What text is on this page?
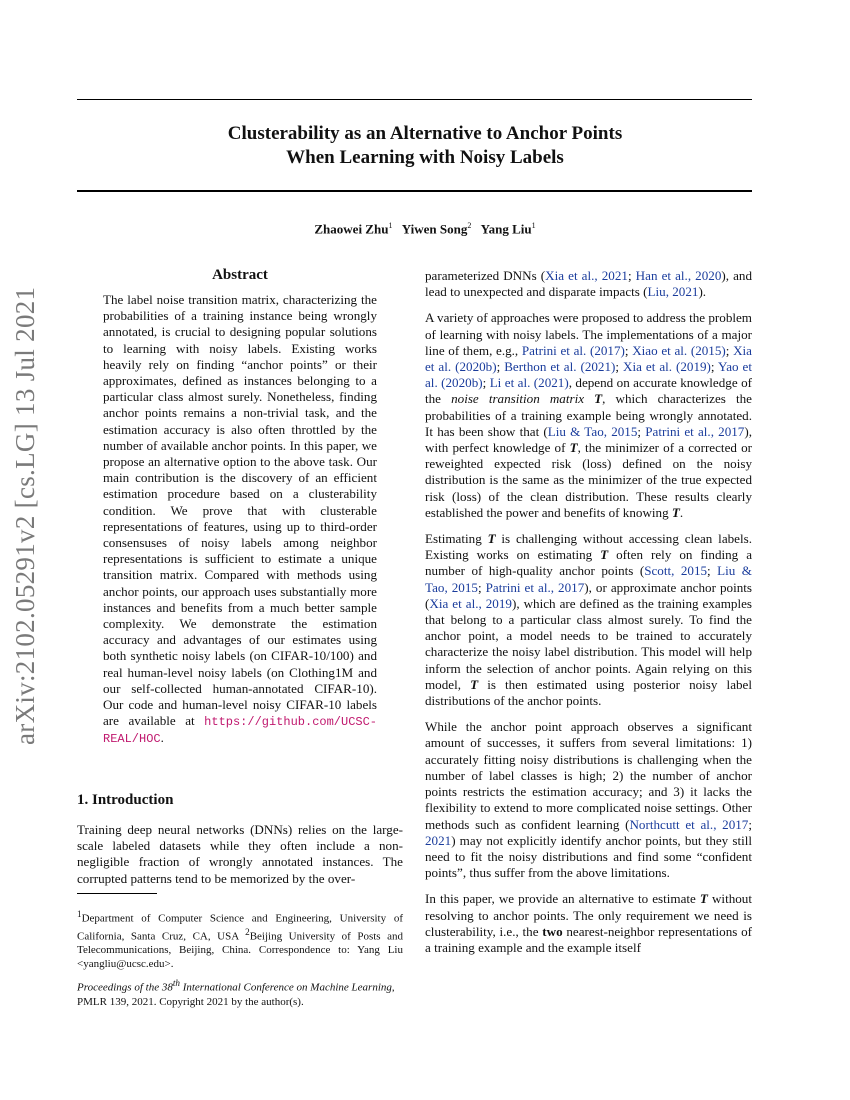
Clusterability as an Alternative to Anchor Points
When Learning with Noisy Labels
Zhaowei Zhu$^1$ Yiwen Song$^2$ Yang Liu$^1$
arXiv:2102.05291v2 [cs.LG] 13 Jul 2021
Abstract

The label noise transition matrix, characterizing the probabilities of a training instance being wrongly annotated, is crucial to designing popular solutions to learning with noisy labels. Existing works heavily rely on finding “anchor points” or their approximates, defined as instances belonging to a particular class almost surely. Nonetheless, finding anchor points remains a non-trivial task, and the estimation accuracy is also often throttled by the number of available anchor points. In this paper, we propose an alternative option to the above task. Our main contribution is the discovery of an efficient estimation procedure based on a clusterability condition. We prove that with clusterable representations of features, using up to third-order consensuses of noisy labels among neighbor representations is sufficient to estimate a unique transition matrix. Compared with methods using anchor points, our approach uses substantially more instances and benefits from a much better sample complexity. We demonstrate the estimation accuracy and advantages of our estimates using both synthetic noisy labels (on CIFAR-10/100) and real human-level noisy labels (on Clothing1M and our self-collected human-annotated CIFAR-10). Our code and human-level noisy CIFAR-10 labels are available at https://github.com/UCSC-REAL/HOC.

1. Introduction

Training deep neural networks (DNNs) relies on the large-scale labeled datasets while they often include a non-negligible fraction of wrongly annotated instances. The corrupted patterns tend to be memorized by the over-

$^1$Department of Computer Science and Engineering, University of California, Santa Cruz, CA, USA $^2$Beijing University of Posts and Telecommunications, Beijing, China. Correspondence to: Yang Liu <yangliu@ucsc.edu>.

Proceedings of the 38th International Conference on Machine Learning, PMLR 139, 2021. Copyright 2021 by the author(s).

parameterized DNNs (Xia et al., 2021; Han et al., 2020), and lead to unexpected and disparate impacts (Liu, 2021).

A variety of approaches were proposed to address the problem of learning with noisy labels. The implementations of a major line of them, e.g., Patrini et al. (2017); Xiao et al. (2015); Xia et al. (2020b); Berthon et al. (2021); Xia et al. (2019); Yao et al. (2020b); Li et al. (2021), depend on accurate knowledge of the noise transition matrix T, which characterizes the probabilities of a training example being wrongly annotated. It has been show that (Liu & Tao, 2015; Patrini et al., 2017), with perfect knowledge of T, the minimizer of a corrected or reweighted expected risk (loss) defined on the noisy distribution is the same as the minimizer of the true expected risk (loss) of the clean distribution. These results clearly established the power and benefits of knowing T.

Estimating T is challenging without accessing clean labels. Existing works on estimating T often rely on finding a number of high-quality anchor points (Scott, 2015; Liu & Tao, 2015; Patrini et al., 2017), or approximate anchor points (Xia et al., 2019), which are defined as the training examples that belong to a particular class almost surely. To find the anchor point, a model needs to be trained to accurately characterize the noisy label distribution. This model will help inform the selection of anchor points. Again relying on this model, T is then estimated using posterior noisy label distributions of the anchor points.

While the anchor point approach observes a significant amount of successes, it suffers from several limitations: 1) accurately fitting noisy distributions is challenging when the number of label classes is high; 2) the number of anchor points restricts the estimation accuracy; and 3) it lacks the flexibility to extend to more complicated noise settings. Other methods such as confident learning (Northcutt et al., 2017; 2021) may not explicitly identify anchor points, but they still need to fit the noisy distributions and find some “confident points”, thus suffer from the above limitations.

In this paper, we provide an alternative to estimate T without resolving to anchor points. The only requirement we need is clusterability, i.e., the two nearest-neighbor representations of a training example and the example itself
